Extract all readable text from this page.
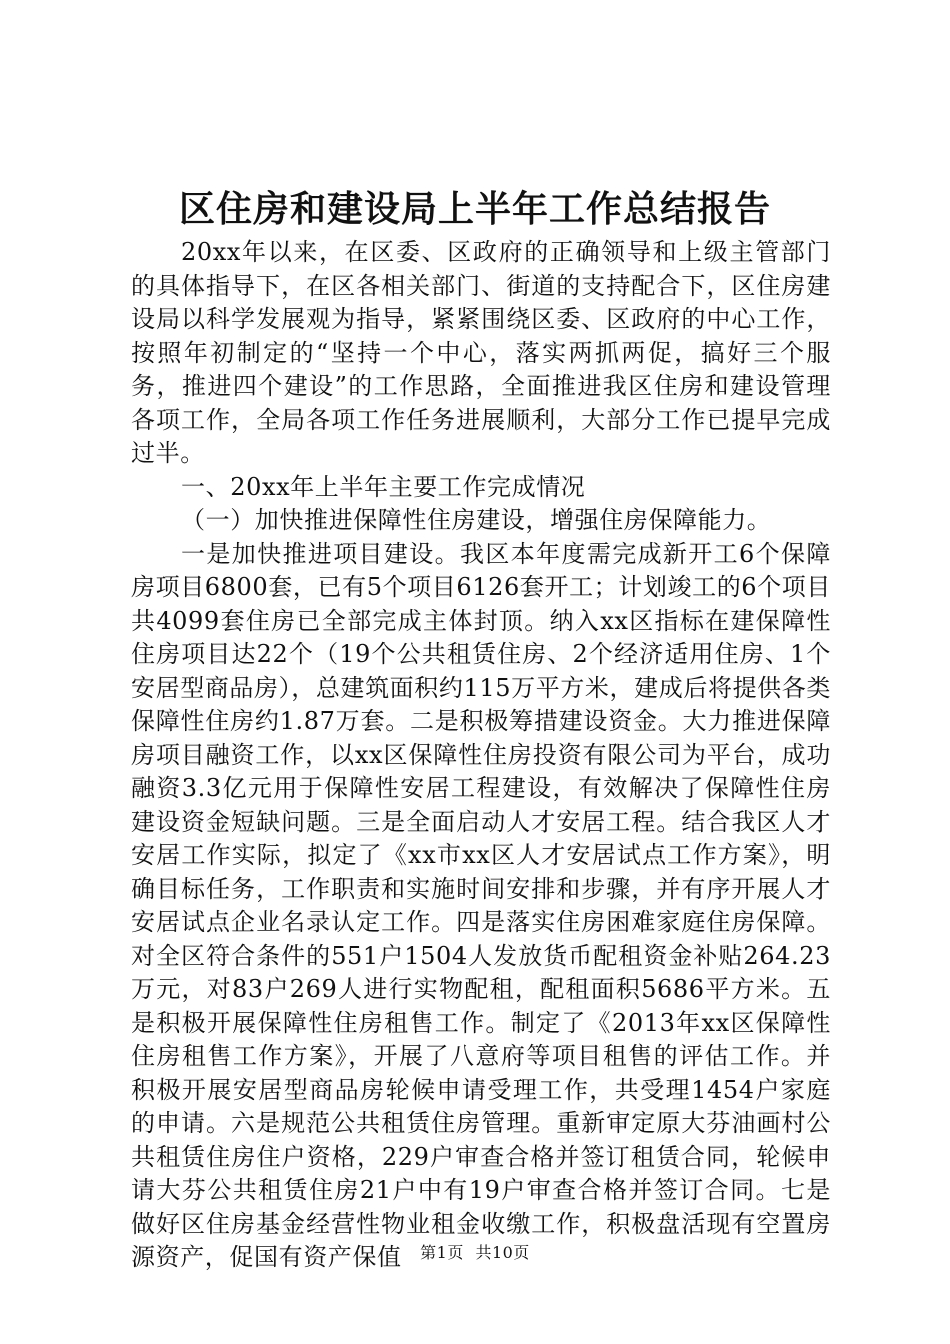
区住房和建设局上半年工作总结报告

20xx年以来，在区委、区政府的正确领导和上级主管部门的具体指导下，在区各相关部门、街道的支持配合下，区住房建设局以科学发展观为指导，紧紧围绕区委、区政府的中心工作，按照年初制定的“坚持一个中心，落实两抓两促，搞好三个服务，推进四个建设”的工作思路，全面推进我区住房和建设管理各项工作，全局各项工作任务进展顺利，大部分工作已提早完成过半。

一、20xx年上半年主要工作完成情况

（一）加快推进保障性住房建设，增强住房保障能力。

一是加快推进项目建设。我区本年度需完成新开工6个保障房项目6800套，已有5个项目6126套开工；计划竣工的6个项目共4099套住房已全部完成主体封顶。纳入xx区指标在建保障性住房项目达22个（19个公共租赁住房、2个经济适用住房、1个安居型商品房），总建筑面积约115万平方米，建成后将提供各类保障性住房约1.87万套。二是积极筹措建设资金。大力推进保障房项目融资工作，以xx区保障性住房投资有限公司为平台，成功融资3.3亿元用于保障性安居工程建设，有效解决了保障性住房建设资金短缺问题。三是全面启动人才安居工程。结合我区人才安居工作实际，拟定了《xx市xx区人才安居试点工作方案》，明确目标任务，工作职责和实施时间安排和步骤，并有序开展人才安居试点企业名录认定工作。四是落实住房困难家庭住房保障。对全区符合条件的551户1504人发放货币配租资金补贴264.23万元，对83户269人进行实物配租，配租面积5686平方米。五是积极开展保障性住房租售工作。制定了《2013年xx区保障性住房租售工作方案》，开展了八意府等项目租售的评估工作。并积极开展安居型商品房轮候申请受理工作，共受理1454户家庭的申请。六是规范公共租赁住房管理。重新审定原大芬油画村公共租赁住房住户资格，229户审查合格并签订租赁合同，轮候申请大芬公共租赁住房21户中有19户审查合格并签订合同。七是做好区住房基金经营性物业租金收缴工作，积极盘活现有空置房源资产，促国有资产保值	第1页 共10页
